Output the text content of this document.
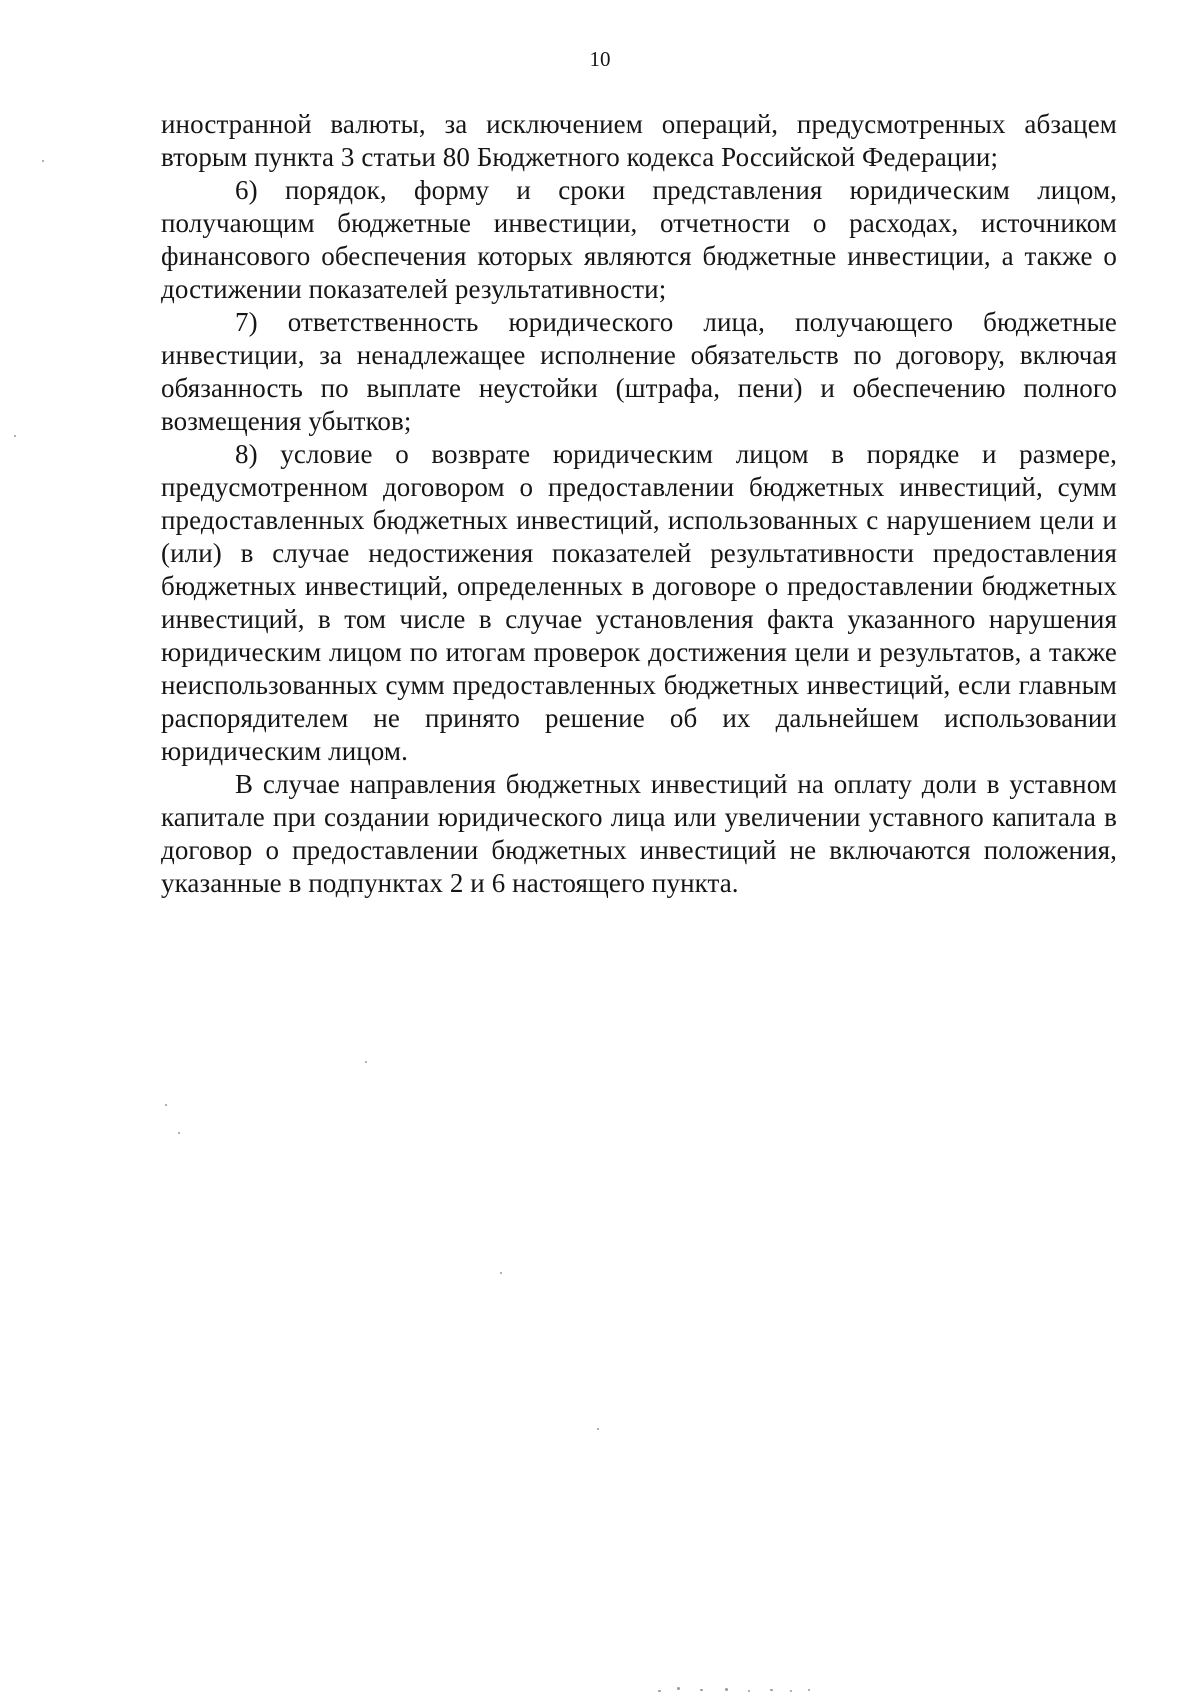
10

иностранной валюты, за исключением операций, предусмотренных абзацем вторым пункта 3 статьи 80 Бюджетного кодекса Российской Федерации;

6) порядок, форму и сроки представления юридическим лицом, получающим бюджетные инвестиции, отчетности о расходах, источником финансового обеспечения которых являются бюджетные инвестиции, а также о достижении показателей результативности;

7) ответственность юридического лица, получающего бюджетные инвестиции, за ненадлежащее исполнение обязательств по договору, включая обязанность по выплате неустойки (штрафа, пени) и обеспечению полного возмещения убытков;

8) условие о возврате юридическим лицом в порядке и размере, предусмотренном договором о предоставлении бюджетных инвестиций, сумм предоставленных бюджетных инвестиций, использованных с нарушением цели и (или) в случае недостижения показателей результативности предоставления бюджетных инвестиций, определенных в договоре о предоставлении бюджетных инвестиций, в том числе в случае установления факта указанного нарушения юридическим лицом по итогам проверок достижения цели и результатов, а также неиспользованных сумм предоставленных бюджетных инвестиций, если главным распорядителем не принято решение об их дальнейшем использовании юридическим лицом.

В случае направления бюджетных инвестиций на оплату доли в уставном капитале при создании юридического лица или увеличении уставного капитала в договор о предоставлении бюджетных инвестиций не включаются положения, указанные в подпунктах 2 и 6 настоящего пункта.
